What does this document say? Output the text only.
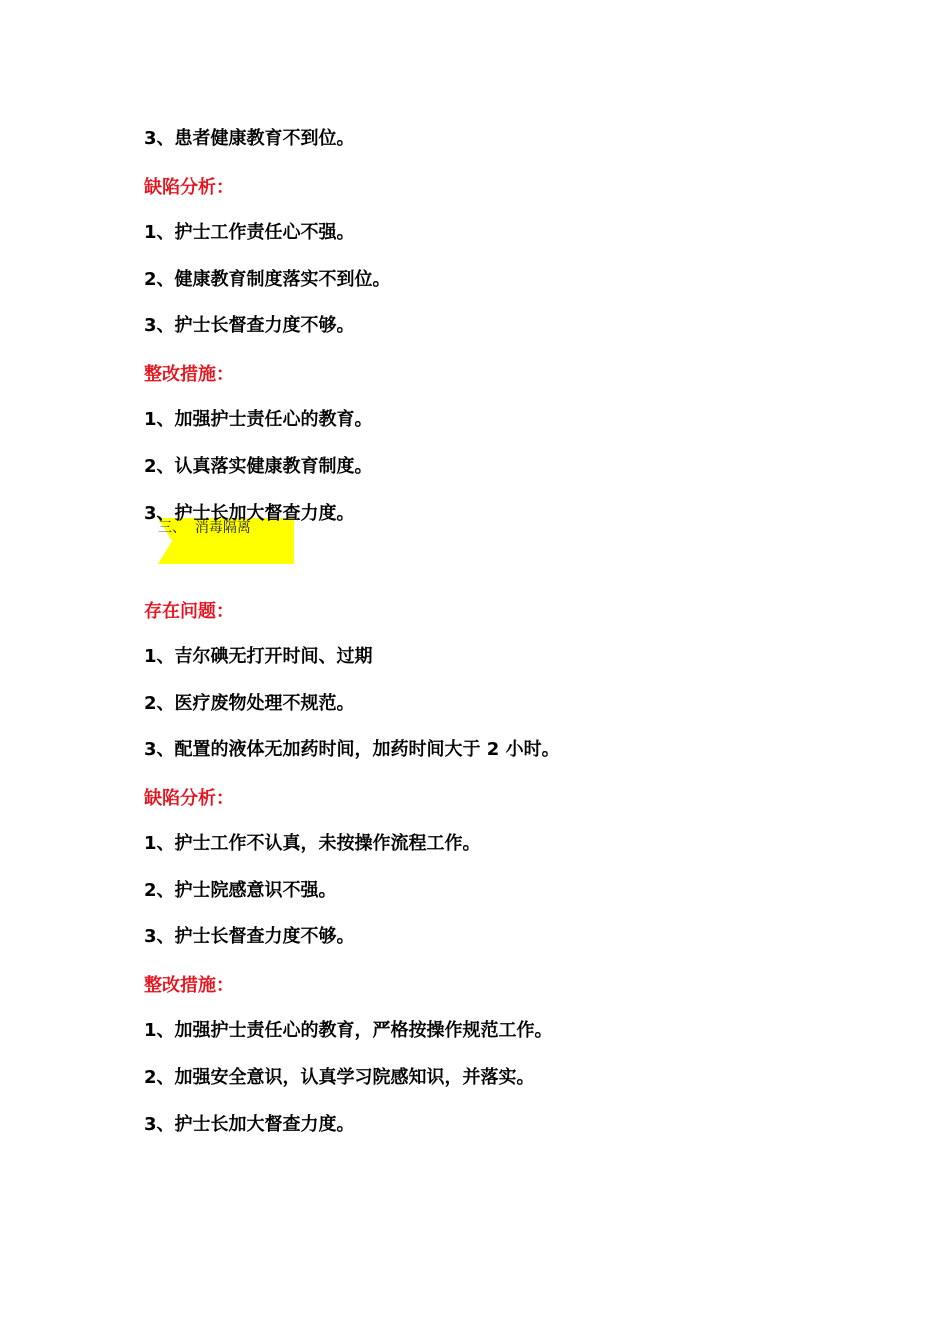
3、患者健康教育不到位。
缺陷分析：
1、护士工作责任心不强。
2、健康教育制度落实不到位。
3、护士长督查力度不够。
整改措施：
1、加强护士责任心的教育。
2、认真落实健康教育制度。
3、护士长加大督查力度。
三、  消毒隔离
存在问题：
1、吉尔碘无打开时间、过期
2、医疗废物处理不规范。
3、配置的液体无加药时间，加药时间大于 2 小时。
缺陷分析：
1、护士工作不认真，未按操作流程工作。
2、护士院感意识不强。
3、护士长督查力度不够。
整改措施：
1、加强护士责任心的教育，严格按操作规范工作。
2、加强安全意识，认真学习院感知识，并落实。
3、护士长加大督查力度。
